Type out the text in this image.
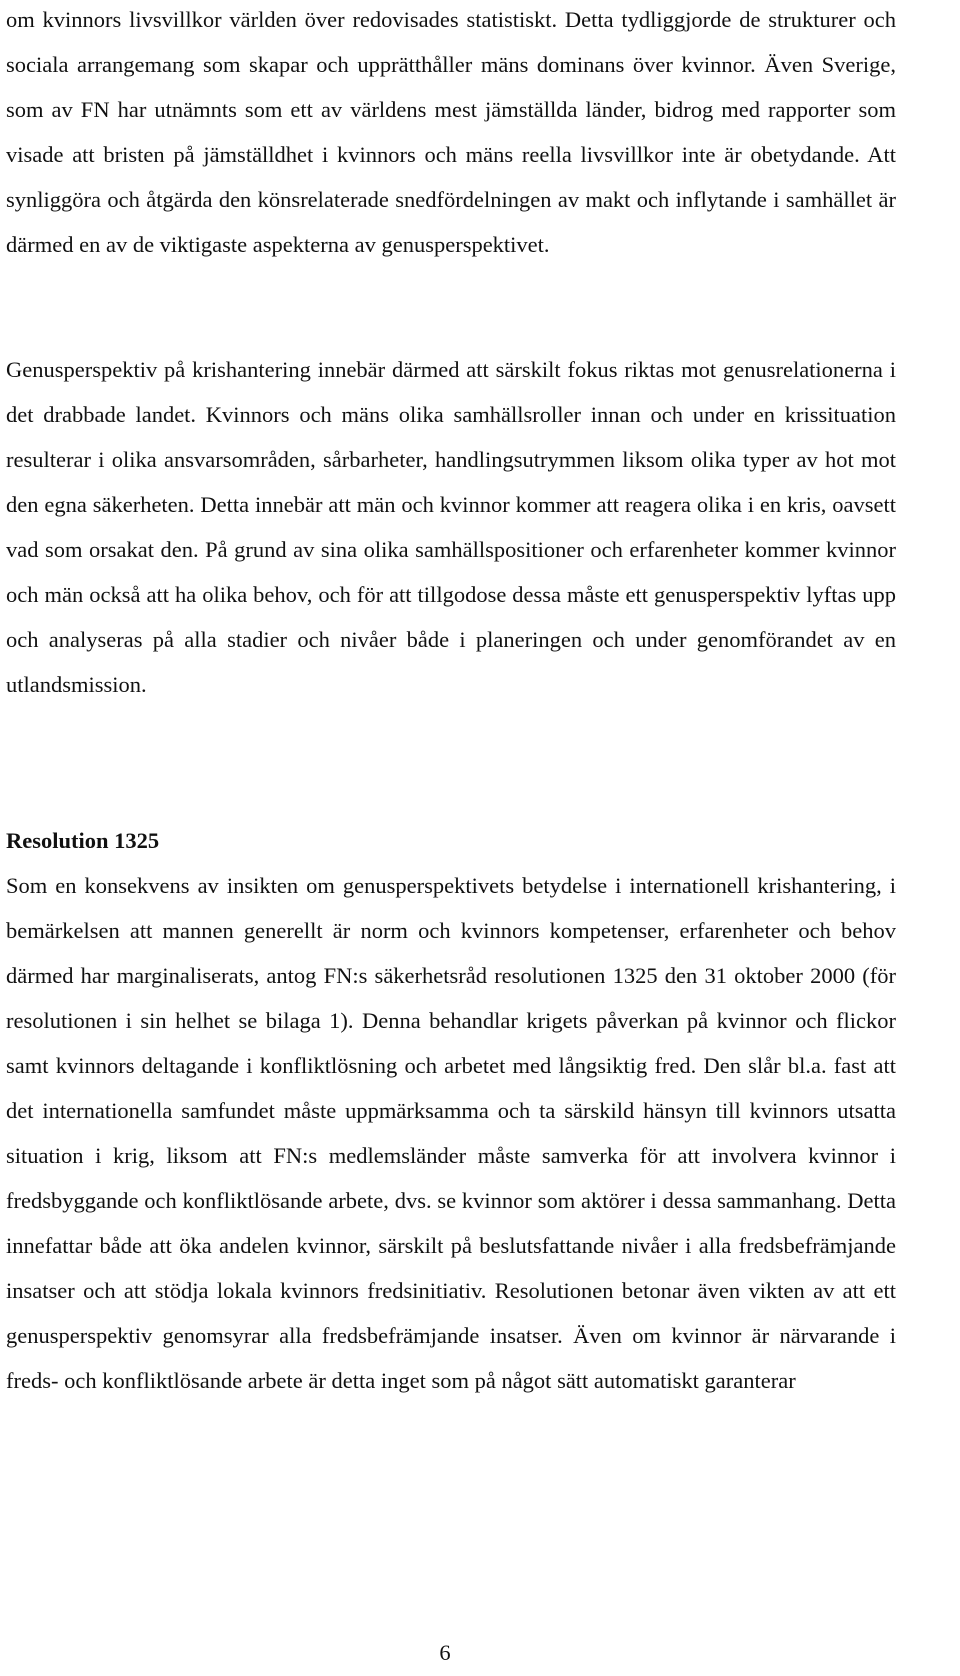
om kvinnors livsvillkor världen över redovisades statistiskt. Detta tydliggjorde de strukturer och sociala arrangemang som skapar och upprätthåller mäns dominans över kvinnor. Även Sverige, som av FN har utnämnts som ett av världens mest jämställda länder, bidrog med rapporter som visade att bristen på jämställdhet i kvinnors och mäns reella livsvillkor inte är obetydande. Att synliggöra och åtgärda den könsrelaterade snedfördelningen av makt och inflytande i samhället är därmed en av de viktigaste aspekterna av genusperspektivet.

Genusperspektiv på krishantering innebär därmed att särskilt fokus riktas mot genusrelationerna i det drabbade landet. Kvinnors och mäns olika samhällsroller innan och under en krissituation resulterar i olika ansvarsområden, sårbarheter, handlingsutrymmen liksom olika typer av hot mot den egna säkerheten. Detta innebär att män och kvinnor kommer att reagera olika i en kris, oavsett vad som orsakat den. På grund av sina olika samhällspositioner och erfarenheter kommer kvinnor och män också att ha olika behov, och för att tillgodose dessa måste ett genusperspektiv lyftas upp och analyseras på alla stadier och nivåer både i planeringen och under genomförandet av en utlandsmission.

Resolution 1325

Som en konsekvens av insikten om genusperspektivets betydelse i internationell krishantering, i bemärkelsen att mannen generellt är norm och kvinnors kompetenser, erfarenheter och behov därmed har marginaliserats, antog FN:s säkerhetsråd resolutionen 1325 den 31 oktober 2000 (för resolutionen i sin helhet se bilaga 1). Denna behandlar krigets påverkan på kvinnor och flickor samt kvinnors deltagande i konfliktlösning och arbetet med långsiktig fred. Den slår bl.a. fast att det internationella samfundet måste uppmärksamma och ta särskild hänsyn till kvinnors utsatta situation i krig, liksom att FN:s medlemsländer måste samverka för att involvera kvinnor i fredsbyggande och konfliktlösande arbete, dvs. se kvinnor som aktörer i dessa sammanhang. Detta innefattar både att öka andelen kvinnor, särskilt på beslutsfattande nivåer i alla fredsbefrämjande insatser och att stödja lokala kvinnors fredsinitiativ. Resolutionen betonar även vikten av att ett genusperspektiv genomsyrar alla fredsbefrämjande insatser. Även om kvinnor är närvarande i freds- och konfliktlösande arbete är detta inget som på något sätt automatiskt garanterar

6
